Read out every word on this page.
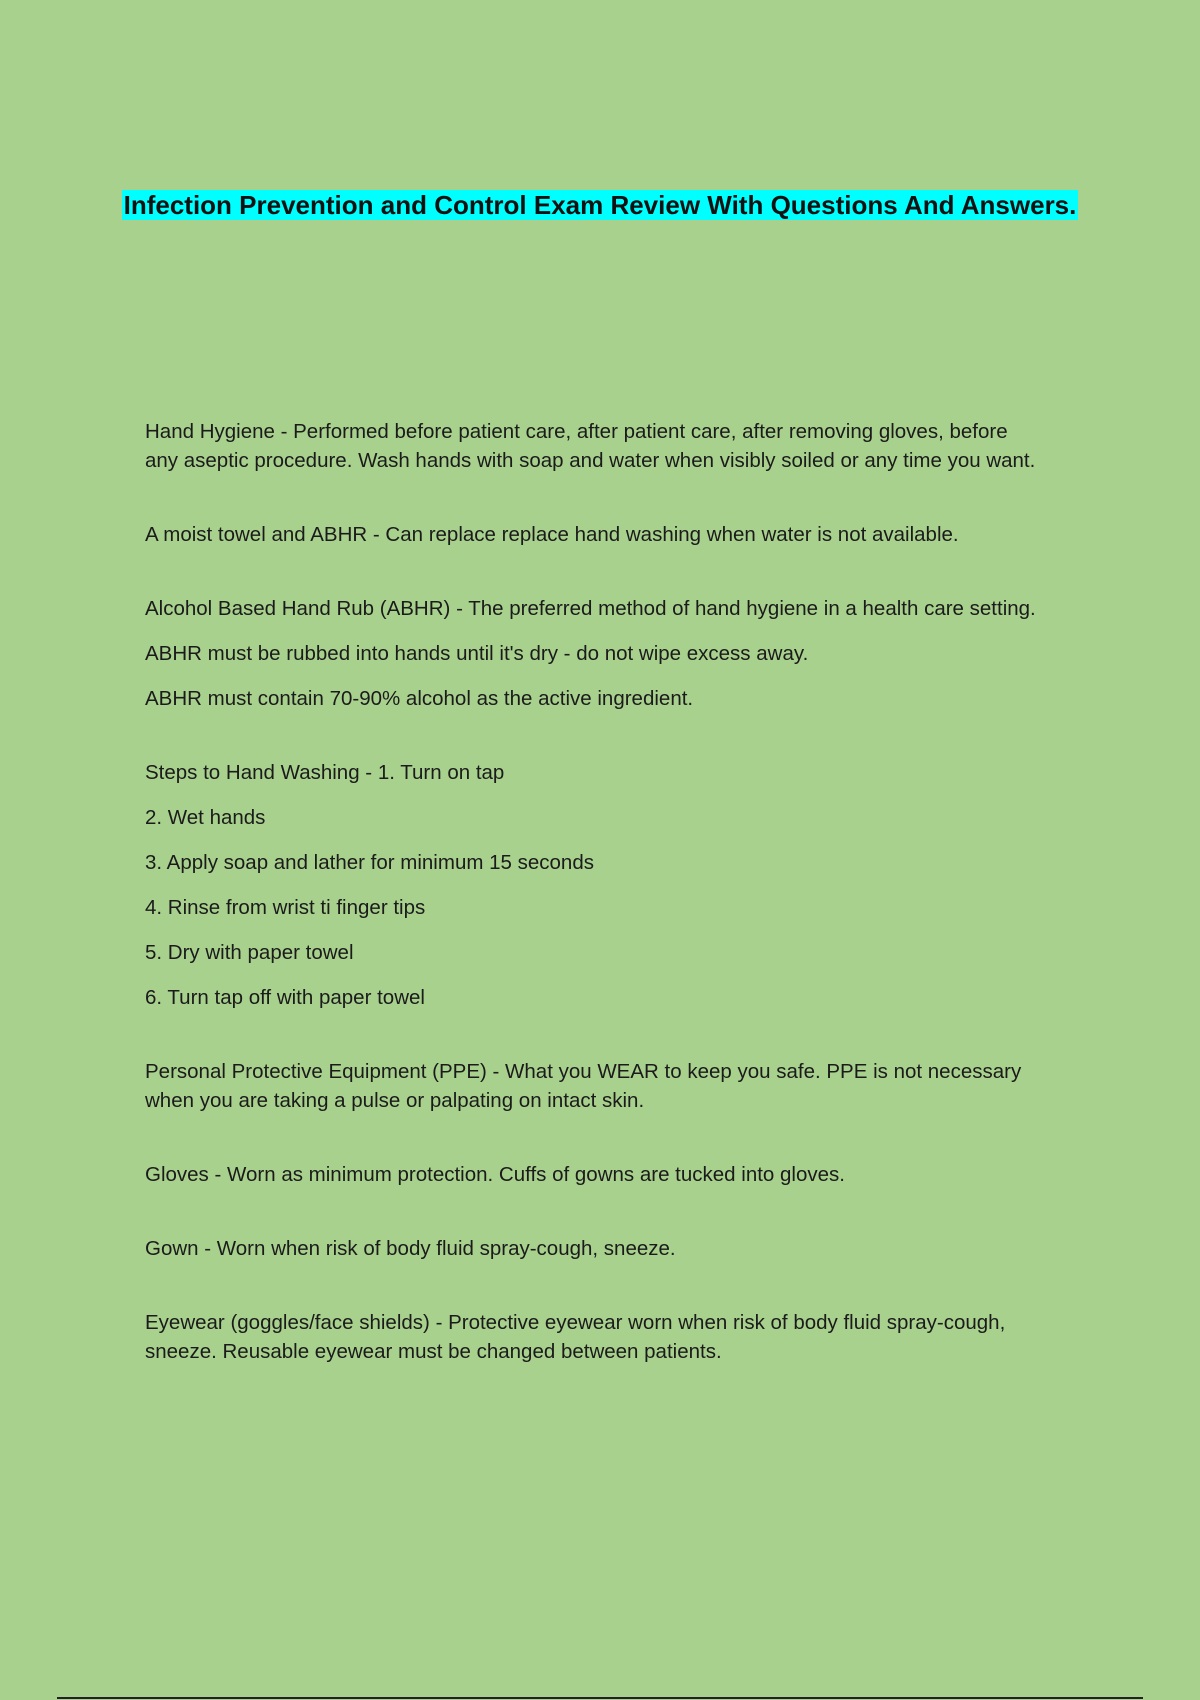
Infection Prevention and Control Exam Review With Questions And Answers.

Hand Hygiene - Performed before patient care, after patient care, after removing gloves, before any aseptic procedure. Wash hands with soap and water when visibly soiled or any time you want.

A moist towel and ABHR - Can replace replace hand washing when water is not available.

Alcohol Based Hand Rub (ABHR) - The preferred method of hand hygiene in a health care setting.

ABHR must be rubbed into hands until it's dry - do not wipe excess away.

ABHR must contain 70-90% alcohol as the active ingredient.

Steps to Hand Washing - 1. Turn on tap

2. Wet hands

3. Apply soap and lather for minimum 15 seconds

4. Rinse from wrist ti finger tips

5. Dry with paper towel

6. Turn tap off with paper towel

Personal Protective Equipment (PPE) - What you WEAR to keep you safe. PPE is not necessary when you are taking a pulse or palpating on intact skin.

Gloves - Worn as minimum protection. Cuffs of gowns are tucked into gloves.

Gown - Worn when risk of body fluid spray-cough, sneeze.

Eyewear (goggles/face shields) - Protective eyewear worn when risk of body fluid spray-cough, sneeze. Reusable eyewear must be changed between patients.
